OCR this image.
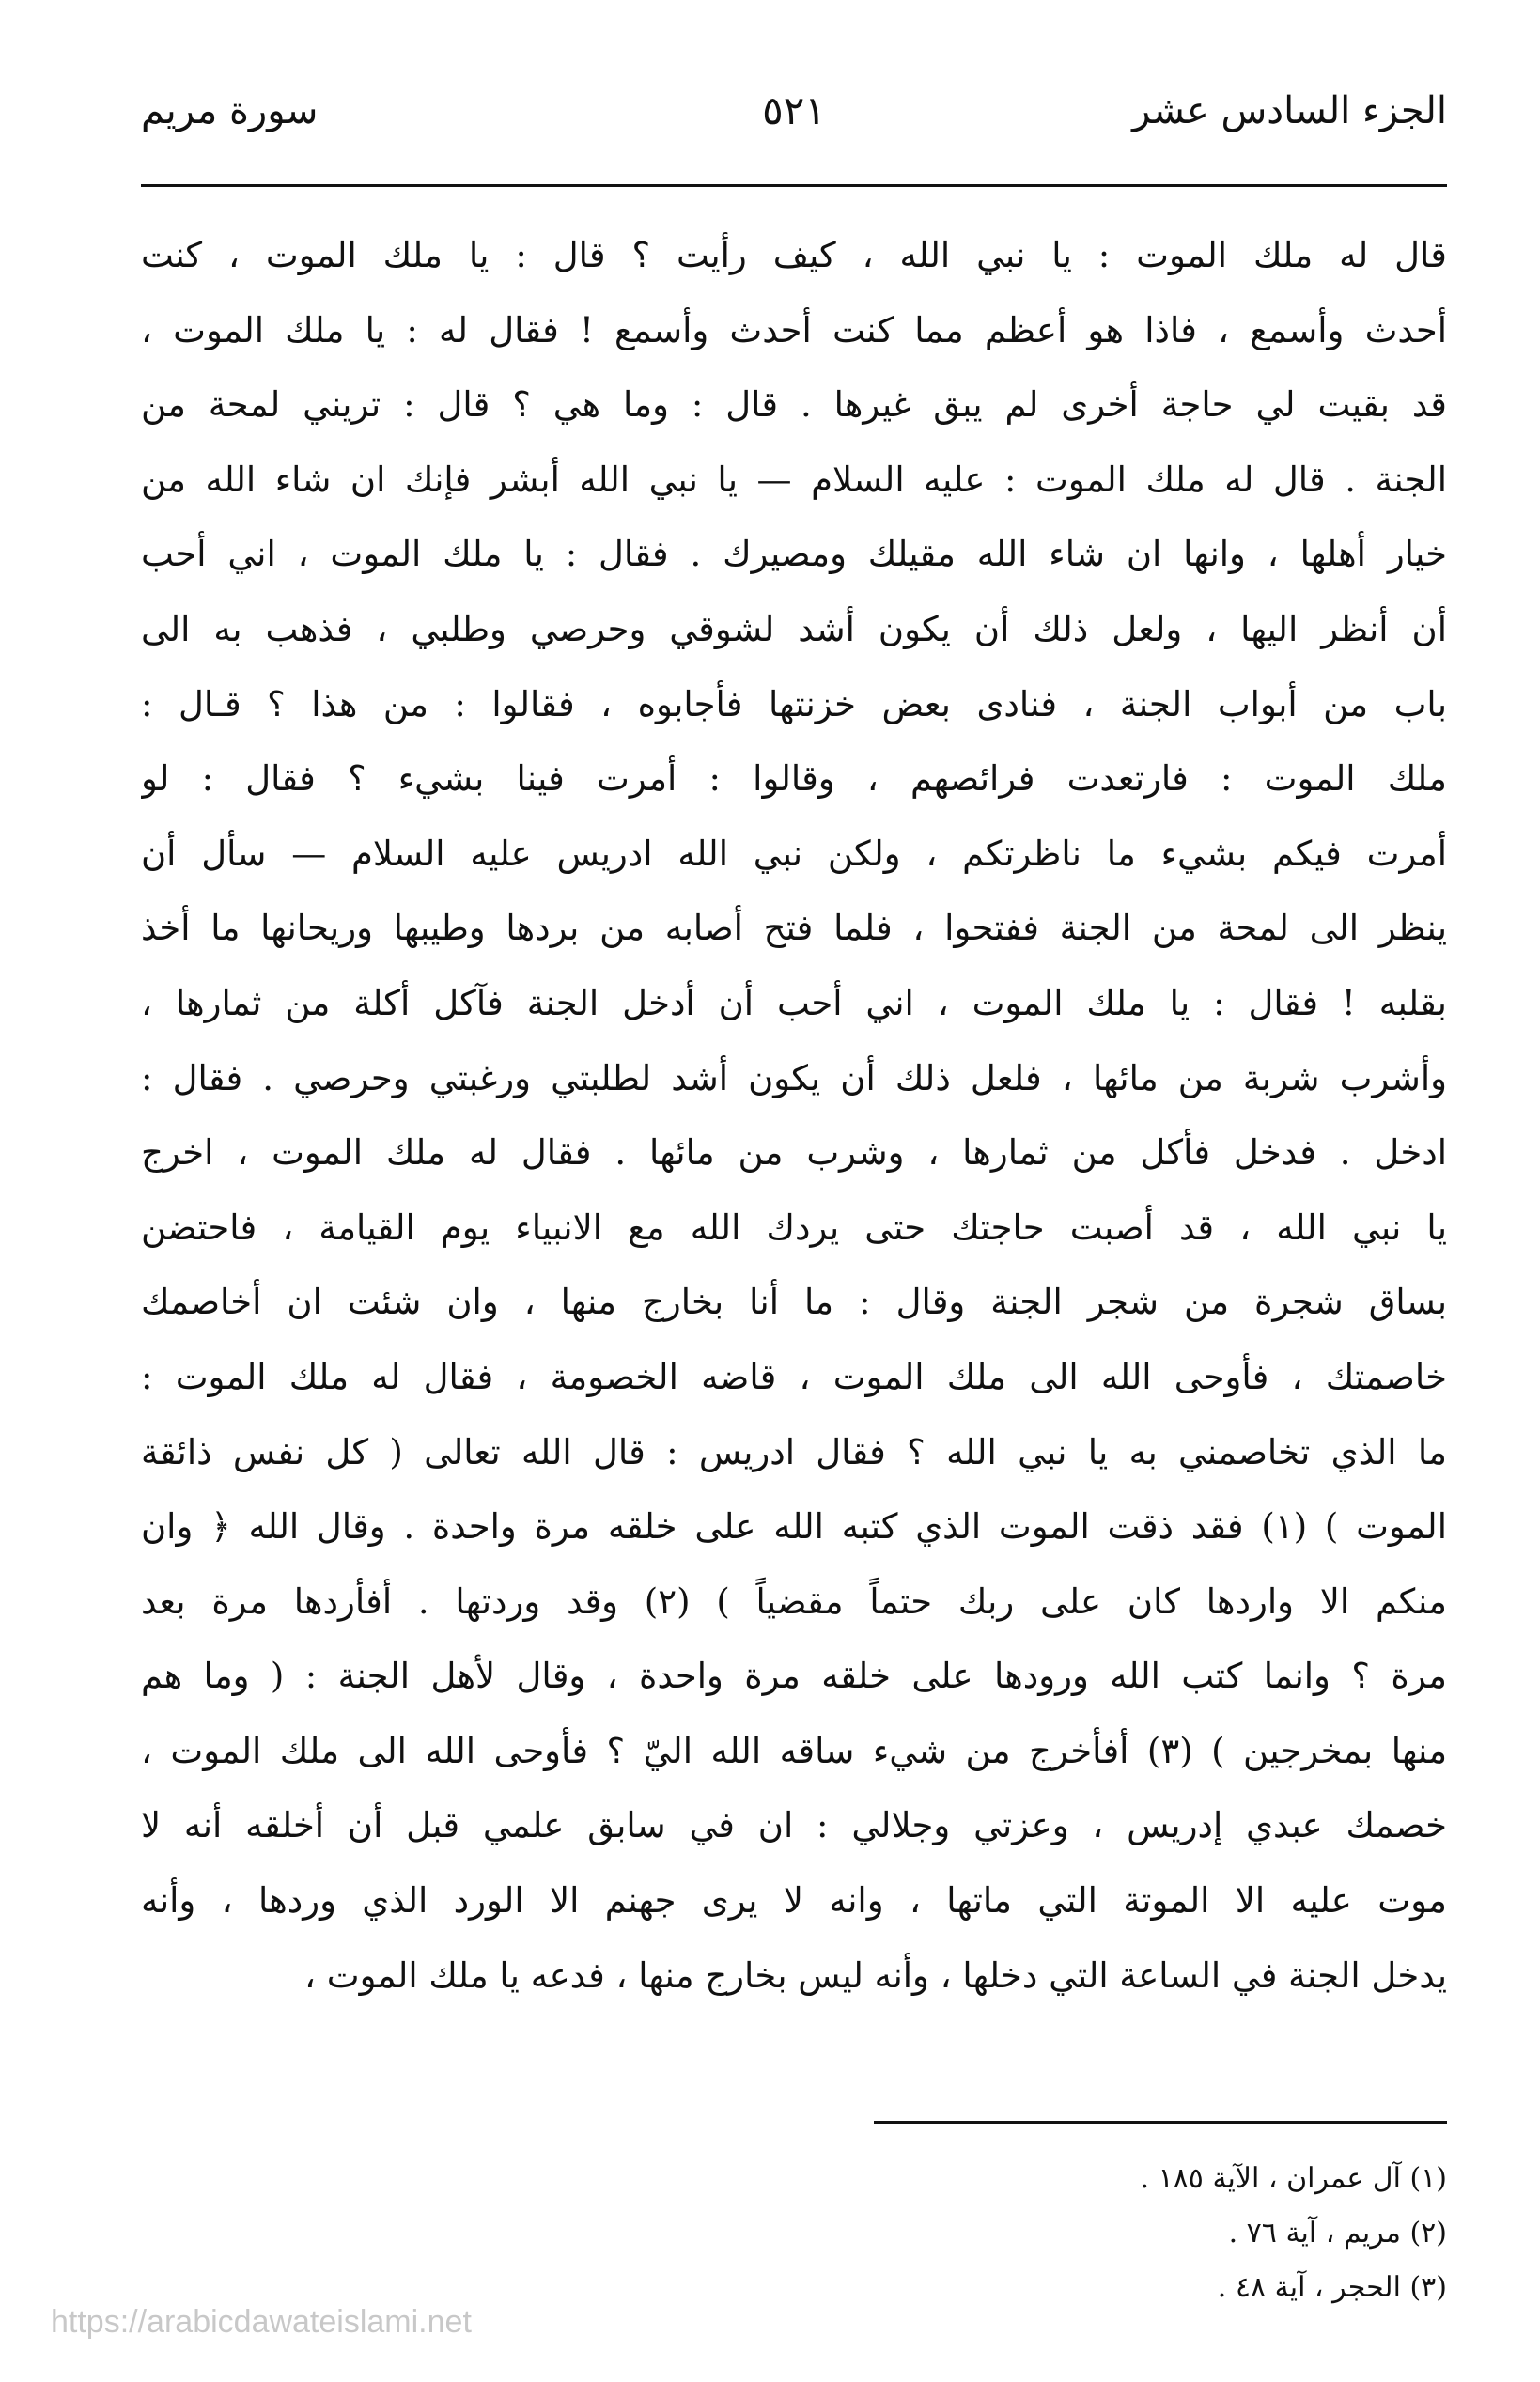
الجزء السادس عشر
٥٢١
سورة مريم
قال له ملك الموت : يا نبي الله ، كيف رأيت ؟ قال : يا ملك الموت ، كنت
أحدث وأسمع ، فاذا هو أعظم مما كنت أحدث وأسمع ! فقال له : يا ملك الموت ،
قد بقيت لي حاجة أخرى لم يبق غيرها . قال : وما هي ؟ قال : تريني لمحة من
الجنة . قال له ملك الموت : عليه السلام — يا نبي الله أبشر فإنك ان شاء الله من
خيار أهلها ، وانها ان شاء الله مقيلك ومصيرك . فقال : يا ملك الموت ، اني أحب
أن أنظر اليها ، ولعل ذلك أن يكون أشد لشوقي وحرصي وطلبي ، فذهب به الى
باب من أبواب الجنة ، فنادى بعض خزنتها فأجابوه ، فقالوا : من هذا ؟ قـال :
ملك الموت : فارتعدت فرائصهم ، وقالوا : أمرت فينا بشيء ؟ فقال : لو
أمرت فيكم بشيء ما ناظرتكم ، ولكن نبي الله ادريس عليه السلام — سأل أن
ينظر الى لمحة من الجنة ففتحوا ، فلما فتح أصابه من بردها وطيبها وريحانها ما أخذ
بقلبه ! فقال : يا ملك الموت ، اني أحب أن أدخل الجنة فآكل أكلة من ثمارها ،
وأشرب شربة من مائها ، فلعل ذلك أن يكون أشد لطلبتي ورغبتي وحرصي . فقال :
ادخل . فدخل فأكل من ثمارها ، وشرب من مائها . فقال له ملك الموت ، اخرج
يا نبي الله ، قد أصبت حاجتك حتى يردك الله مع الانبياء يوم القيامة ، فاحتضن
بساق شجرة من شجر الجنة وقال : ما أنا بخارج منها ، وان شئت ان أخاصمك
خاصمتك ، فأوحى الله الى ملك الموت ، قاضه الخصومة ، فقال له ملك الموت :
ما الذي تخاصمني به يا نبي الله ؟ فقال ادريس : قال الله تعالى ( كل نفس ذائقة
الموت ) (١) فقد ذقت الموت الذي كتبه الله على خلقه مرة واحدة . وقال الله ﴿ وان
منكم الا واردها كان على ربك حتماً مقضياً ) (٢) وقد وردتها . أفأردها مرة بعد
مرة ؟ وانما كتب الله ورودها على خلقه مرة واحدة ، وقال لأهل الجنة : ( وما هم
منها بمخرجين ) (٣) أفأخرج من شيء ساقه الله اليّ ؟ فأوحى الله الى ملك الموت ،
خصمك عبدي إدريس ، وعزتي وجلالي : ان في سابق علمي قبل أن أخلقه أنه لا
موت عليه الا الموتة التي ماتها ، وانه لا يرى جهنم الا الورد الذي وردها ، وأنه
يدخل الجنة في الساعة التي دخلها ، وأنه ليس بخارج منها ، فدعه يا ملك الموت ،
(١) آل عمران ، الآية ١٨٥ .
(٢) مريم ، آية ٧٦ .
(٣) الحجر ، آية ٤٨ .
https://arabicdawateislami.net
